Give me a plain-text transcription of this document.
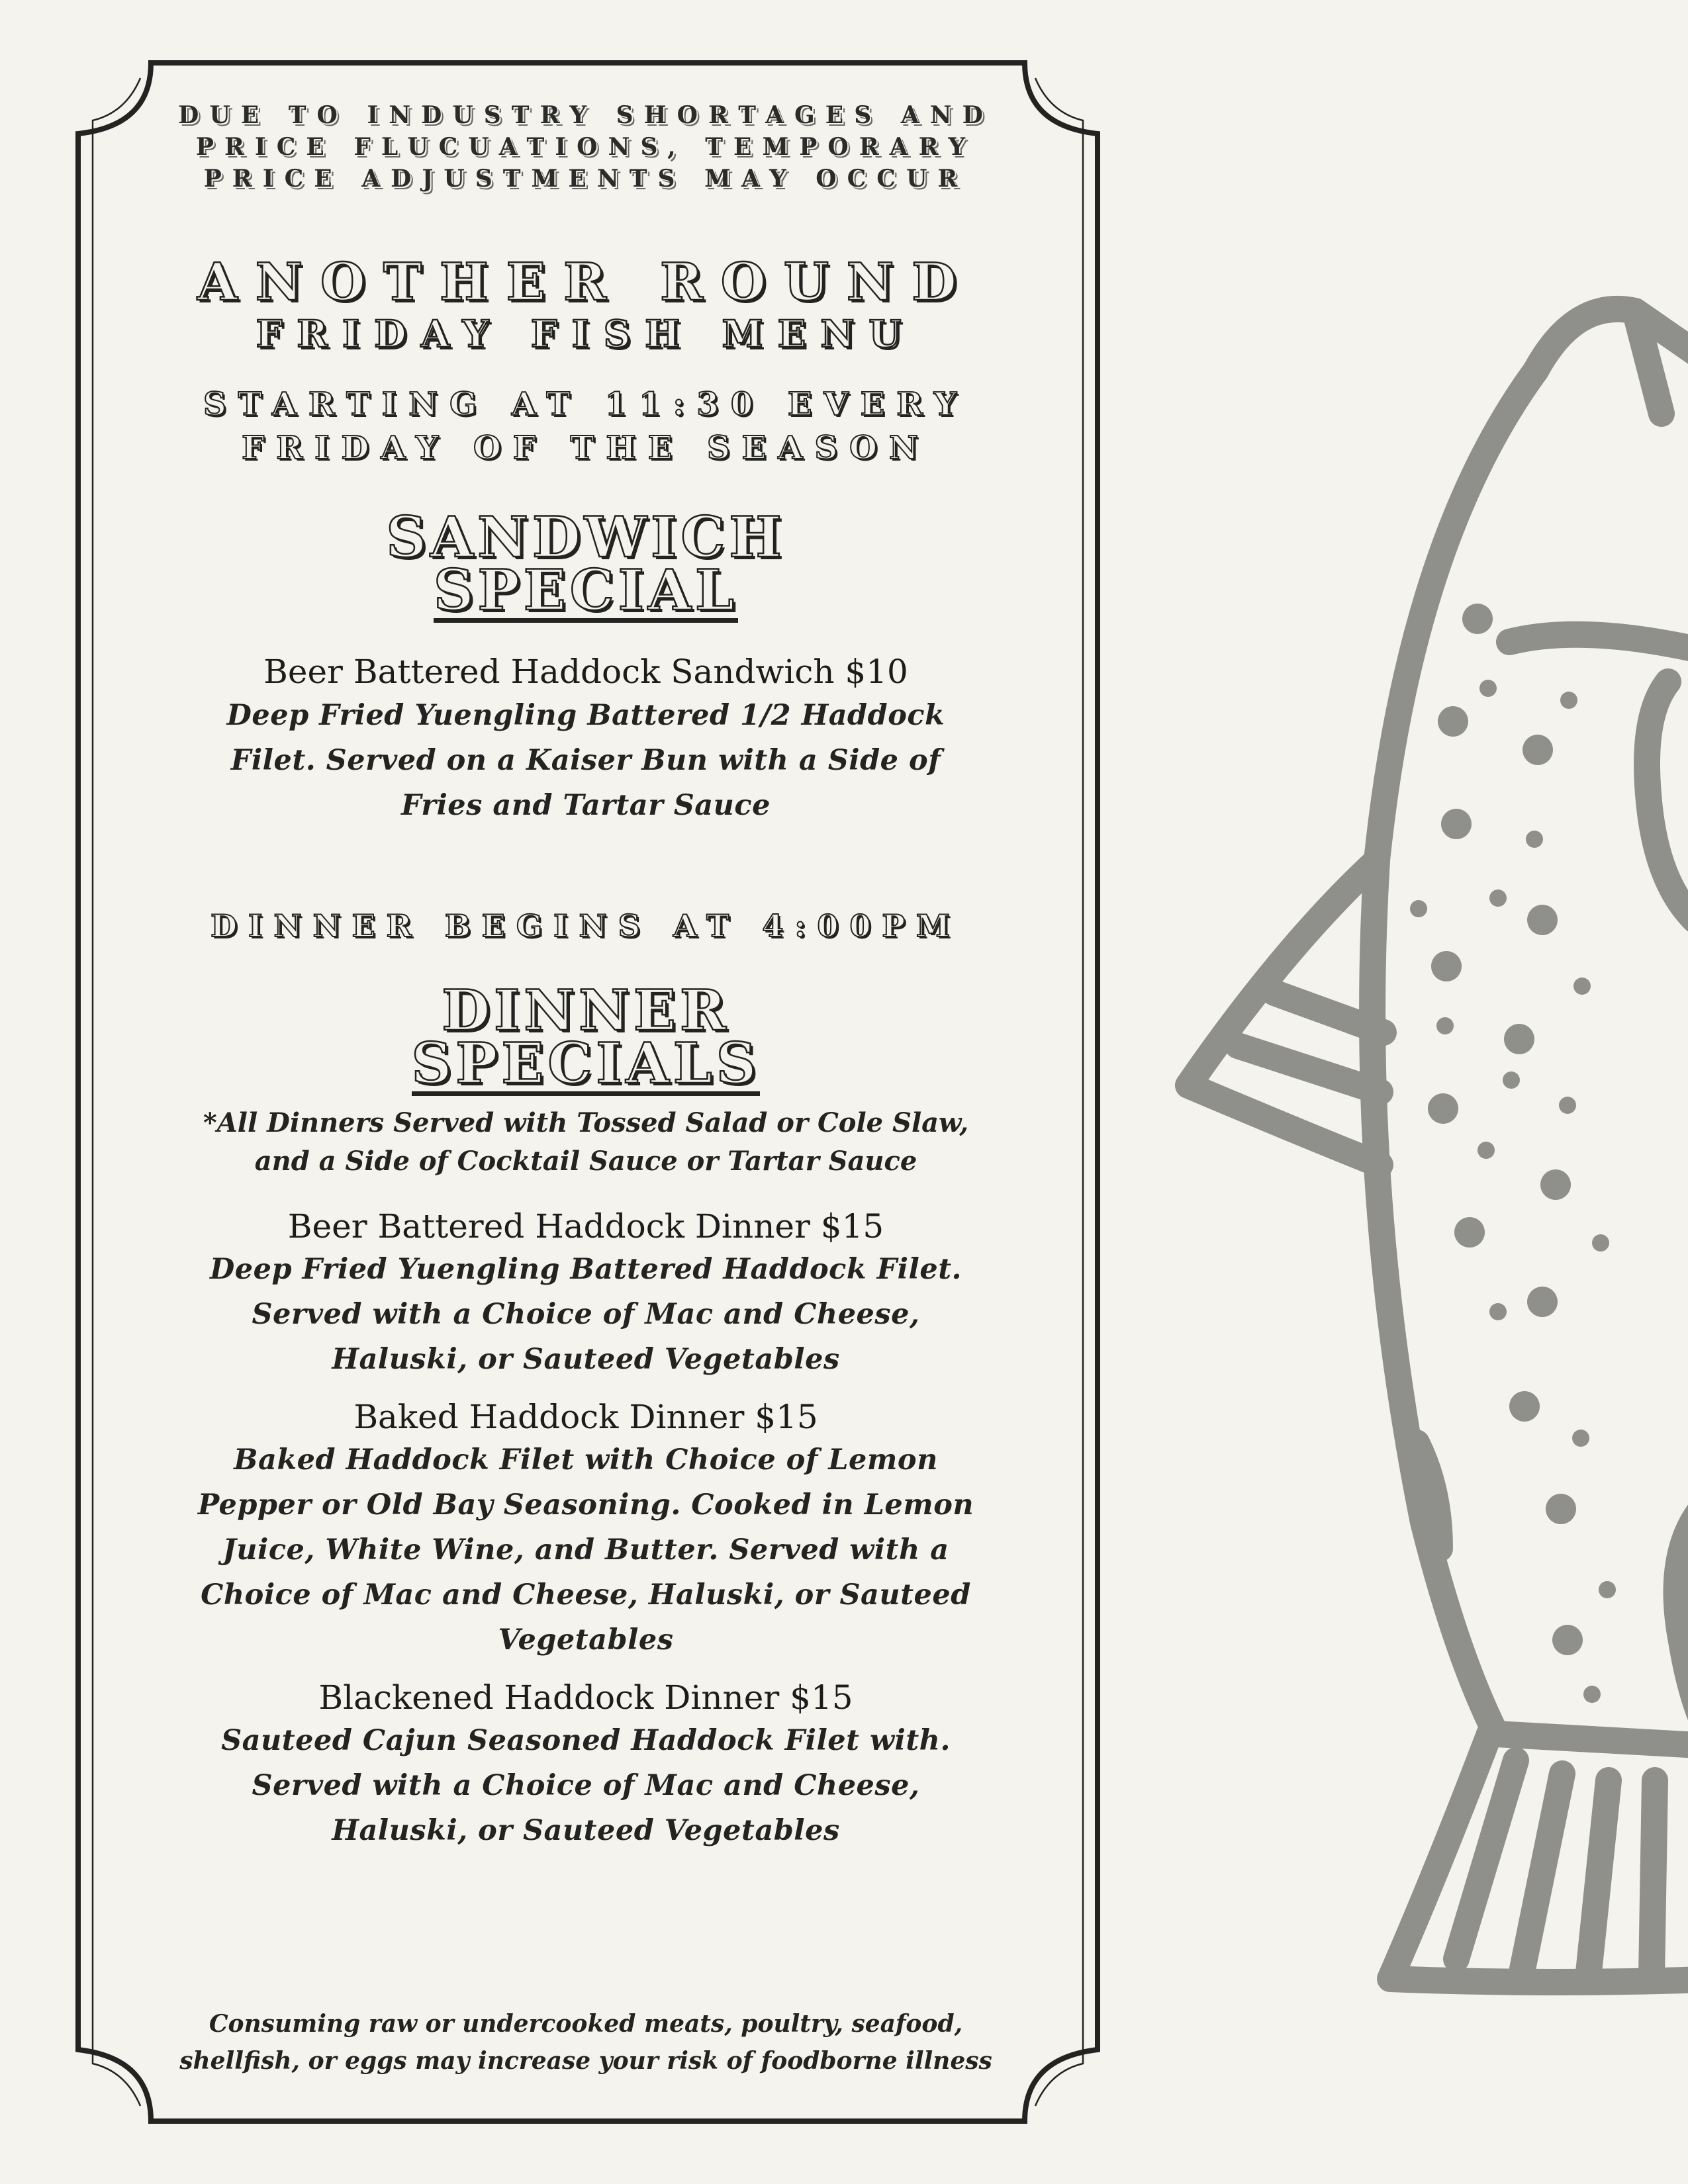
DUE TO INDUSTRY SHORTAGES AND
PRICE FLUCUATIONS, TEMPORARY
PRICE ADJUSTMENTS MAY OCCUR
ANOTHER ROUND
FRIDAY FISH MENU
STARTING AT 11:30 EVERY
FRIDAY OF THE SEASON
SANDWICH
SPECIAL
Beer Battered Haddock Sandwich $10
Deep Fried Yuengling Battered 1/2 Haddock
Filet. Served on a Kaiser Bun with a Side of
Fries and Tartar Sauce
DINNER BEGINS AT 4:00PM
DINNER
SPECIALS
*All Dinners Served with Tossed Salad or Cole Slaw,
and a Side of Cocktail Sauce or Tartar Sauce
Beer Battered Haddock Dinner $15
Deep Fried Yuengling Battered Haddock Filet.
Served with a Choice of Mac and Cheese,
Haluski, or Sauteed Vegetables
Baked Haddock Dinner $15
Baked Haddock Filet with Choice of Lemon
Pepper or Old Bay Seasoning. Cooked in Lemon
Juice, White Wine, and Butter. Served with a
Choice of Mac and Cheese, Haluski, or Sauteed
Vegetables
Blackened Haddock Dinner $15
Sauteed Cajun Seasoned Haddock Filet with.
Served with a Choice of Mac and Cheese,
Haluski, or Sauteed Vegetables
Consuming raw or undercooked meats, poultry, seafood,
shellfish, or eggs may increase your risk of foodborne illness
